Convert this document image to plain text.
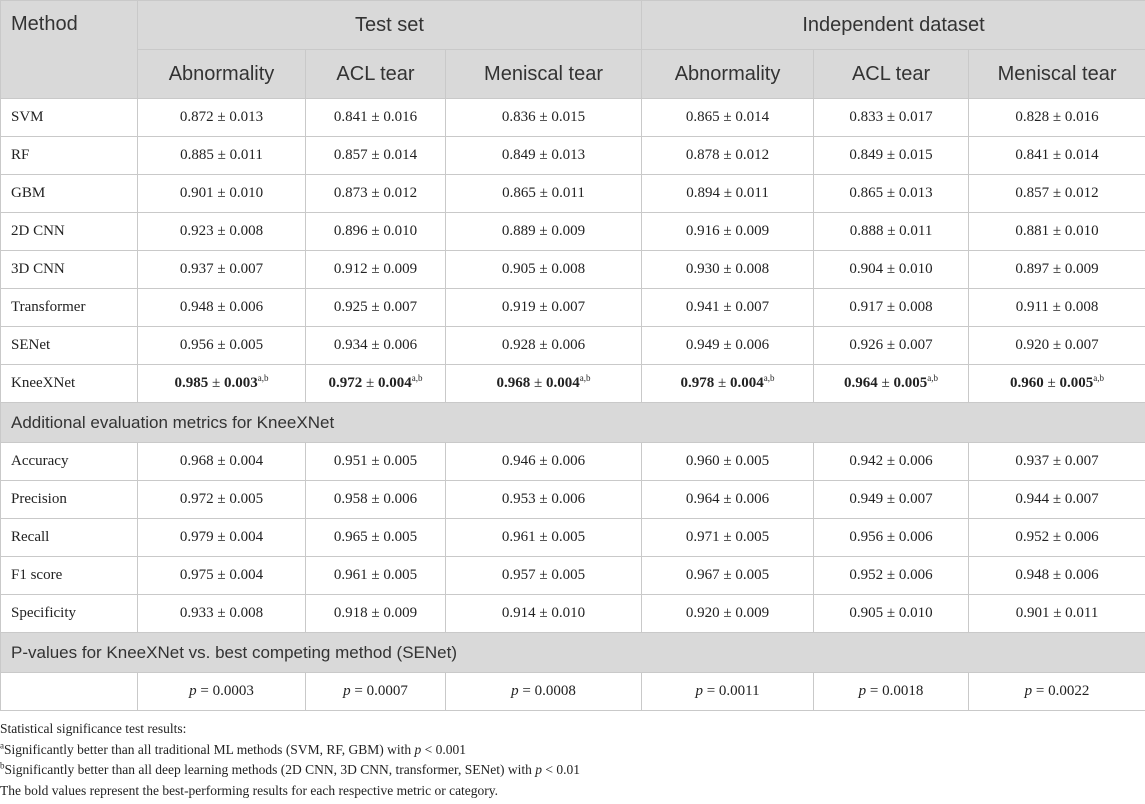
Method	Test set			Independent dataset		
	Abnormality	ACL tear	Meniscal tear	Abnormality	ACL tear	Meniscal tear
SVM	0.872 ± 0.013	0.841 ± 0.016	0.836 ± 0.015	0.865 ± 0.014	0.833 ± 0.017	0.828 ± 0.016
RF	0.885 ± 0.011	0.857 ± 0.014	0.849 ± 0.013	0.878 ± 0.012	0.849 ± 0.015	0.841 ± 0.014
GBM	0.901 ± 0.010	0.873 ± 0.012	0.865 ± 0.011	0.894 ± 0.011	0.865 ± 0.013	0.857 ± 0.012
2D CNN	0.923 ± 0.008	0.896 ± 0.010	0.889 ± 0.009	0.916 ± 0.009	0.888 ± 0.011	0.881 ± 0.010
3D CNN	0.937 ± 0.007	0.912 ± 0.009	0.905 ± 0.008	0.930 ± 0.008	0.904 ± 0.010	0.897 ± 0.009
Transformer	0.948 ± 0.006	0.925 ± 0.007	0.919 ± 0.007	0.941 ± 0.007	0.917 ± 0.008	0.911 ± 0.008
SENet	0.956 ± 0.005	0.934 ± 0.006	0.928 ± 0.006	0.949 ± 0.006	0.926 ± 0.007	0.920 ± 0.007
KneeXNet	$0.985 \pm 0.003^{a,b}$	$0.972 \pm 0.004^{a,b}$	$0.968 \pm 0.004^{a,b}$	$0.978 \pm 0.004^{a,b}$	$0.964 \pm 0.005^{a,b}$	$0.960 \pm 0.005^{a,b}$
Additional evaluation metrics for KneeXNet						
Accuracy	0.968 ± 0.004	0.951 ± 0.005	0.946 ± 0.006	0.960 ± 0.005	0.942 ± 0.006	0.937 ± 0.007
Precision	0.972 ± 0.005	0.958 ± 0.006	0.953 ± 0.006	0.964 ± 0.006	0.949 ± 0.007	0.944 ± 0.007
Recall	0.979 ± 0.004	0.965 ± 0.005	0.961 ± 0.005	0.971 ± 0.005	0.956 ± 0.006	0.952 ± 0.006
F1 score	0.975 ± 0.004	0.961 ± 0.005	0.957 ± 0.005	0.967 ± 0.005	0.952 ± 0.006	0.948 ± 0.006
Specificity	0.933 ± 0.008	0.918 ± 0.009	0.914 ± 0.010	0.920 ± 0.009	0.905 ± 0.010	0.901 ± 0.011
P-values for KneeXNet vs. best competing method (SENet)						
	p = 0.0003	p = 0.0007	p = 0.0008	p = 0.0011	p = 0.0018	p = 0.0022
Statistical significance test results:
$^a$Significantly better than all traditional ML methods (SVM, RF, GBM) with p < 0.001
$^b$Significantly better than all deep learning methods (2D CNN, 3D CNN, transformer, SENet) with p < 0.01
The bold values represent the best-performing results for each respective metric or category.
